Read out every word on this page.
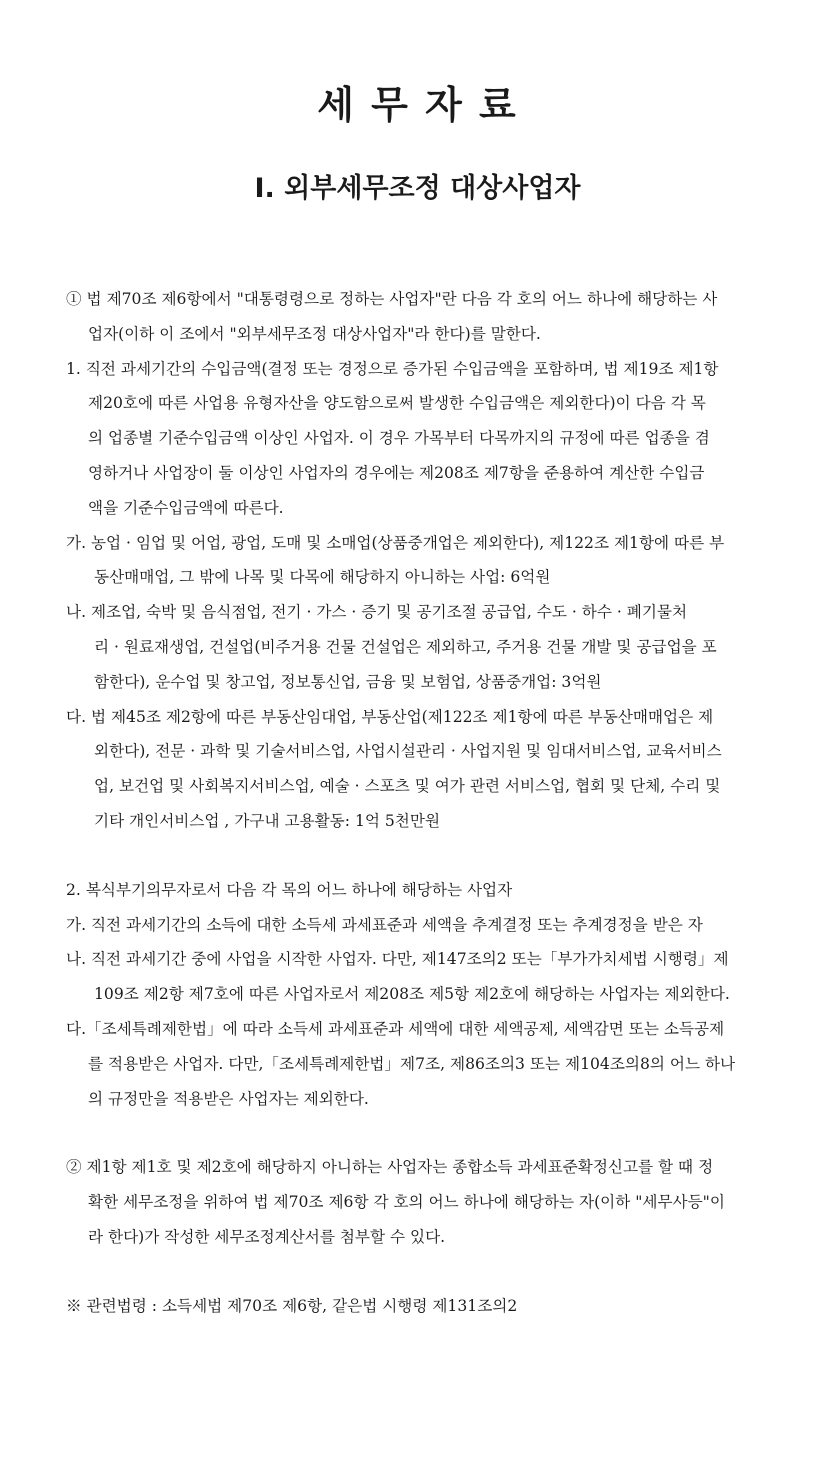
세 무 자 료
Ⅰ. 외부세무조정 대상사업자
① 법 제70조 제6항에서 "대통령령으로 정하는 사업자"란 다음 각 호의 어느 하나에 해당하는 사
업자(이하 이 조에서 "외부세무조정 대상사업자"라 한다)를 말한다.
1. 직전 과세기간의 수입금액(결정 또는 경정으로 증가된 수입금액을 포함하며, 법 제19조 제1항
제20호에 따른 사업용 유형자산을 양도함으로써 발생한 수입금액은 제외한다)이 다음 각 목
의 업종별 기준수입금액 이상인 사업자. 이 경우 가목부터 다목까지의 규정에 따른 업종을 겸
영하거나 사업장이 둘 이상인 사업자의 경우에는 제208조 제7항을 준용하여 계산한 수입금
액을 기준수입금액에 따른다.
가. 농업 · 임업 및 어업, 광업, 도매 및 소매업(상품중개업은 제외한다), 제122조 제1항에 따른 부
동산매매업, 그 밖에 나목 및 다목에 해당하지 아니하는 사업: 6억원
나. 제조업, 숙박 및 음식점업, 전기 · 가스 · 증기 및 공기조절 공급업, 수도 · 하수 · 폐기물처
리 · 원료재생업, 건설업(비주거용 건물 건설업은 제외하고, 주거용 건물 개발 및 공급업을 포
함한다), 운수업 및 창고업, 정보통신업, 금융 및 보험업, 상품중개업: 3억원
다. 법 제45조 제2항에 따른 부동산임대업, 부동산업(제122조 제1항에 따른 부동산매매업은 제
외한다), 전문 · 과학 및 기술서비스업, 사업시설관리 · 사업지원 및 임대서비스업, 교육서비스
업, 보건업 및 사회복지서비스업, 예술 · 스포츠 및 여가 관련 서비스업, 협회 및 단체, 수리 및
기타 개인서비스업 , 가구내 고용활동: 1억 5천만원
2. 복식부기의무자로서 다음 각 목의 어느 하나에 해당하는 사업자
가. 직전 과세기간의 소득에 대한 소득세 과세표준과 세액을 추계결정 또는 추계경정을 받은 자
나. 직전 과세기간 중에 사업을 시작한 사업자. 다만, 제147조의2 또는「부가가치세법 시행령」제
109조 제2항 제7호에 따른 사업자로서 제208조 제5항 제2호에 해당하는 사업자는 제외한다.
다.「조세특례제한법」에 따라 소득세 과세표준과 세액에 대한 세액공제, 세액감면 또는 소득공제
를 적용받은 사업자. 다만,「조세특례제한법」제7조, 제86조의3 또는 제104조의8의 어느 하나
의 규정만을 적용받은 사업자는 제외한다.
② 제1항 제1호 및 제2호에 해당하지 아니하는 사업자는 종합소득 과세표준확정신고를 할 때 정
확한 세무조정을 위하여 법 제70조 제6항 각 호의 어느 하나에 해당하는 자(이하 "세무사등"이
라 한다)가 작성한 세무조정계산서를 첨부할 수 있다.
※ 관련법령 : 소득세법 제70조 제6항, 같은법 시행령 제131조의2
